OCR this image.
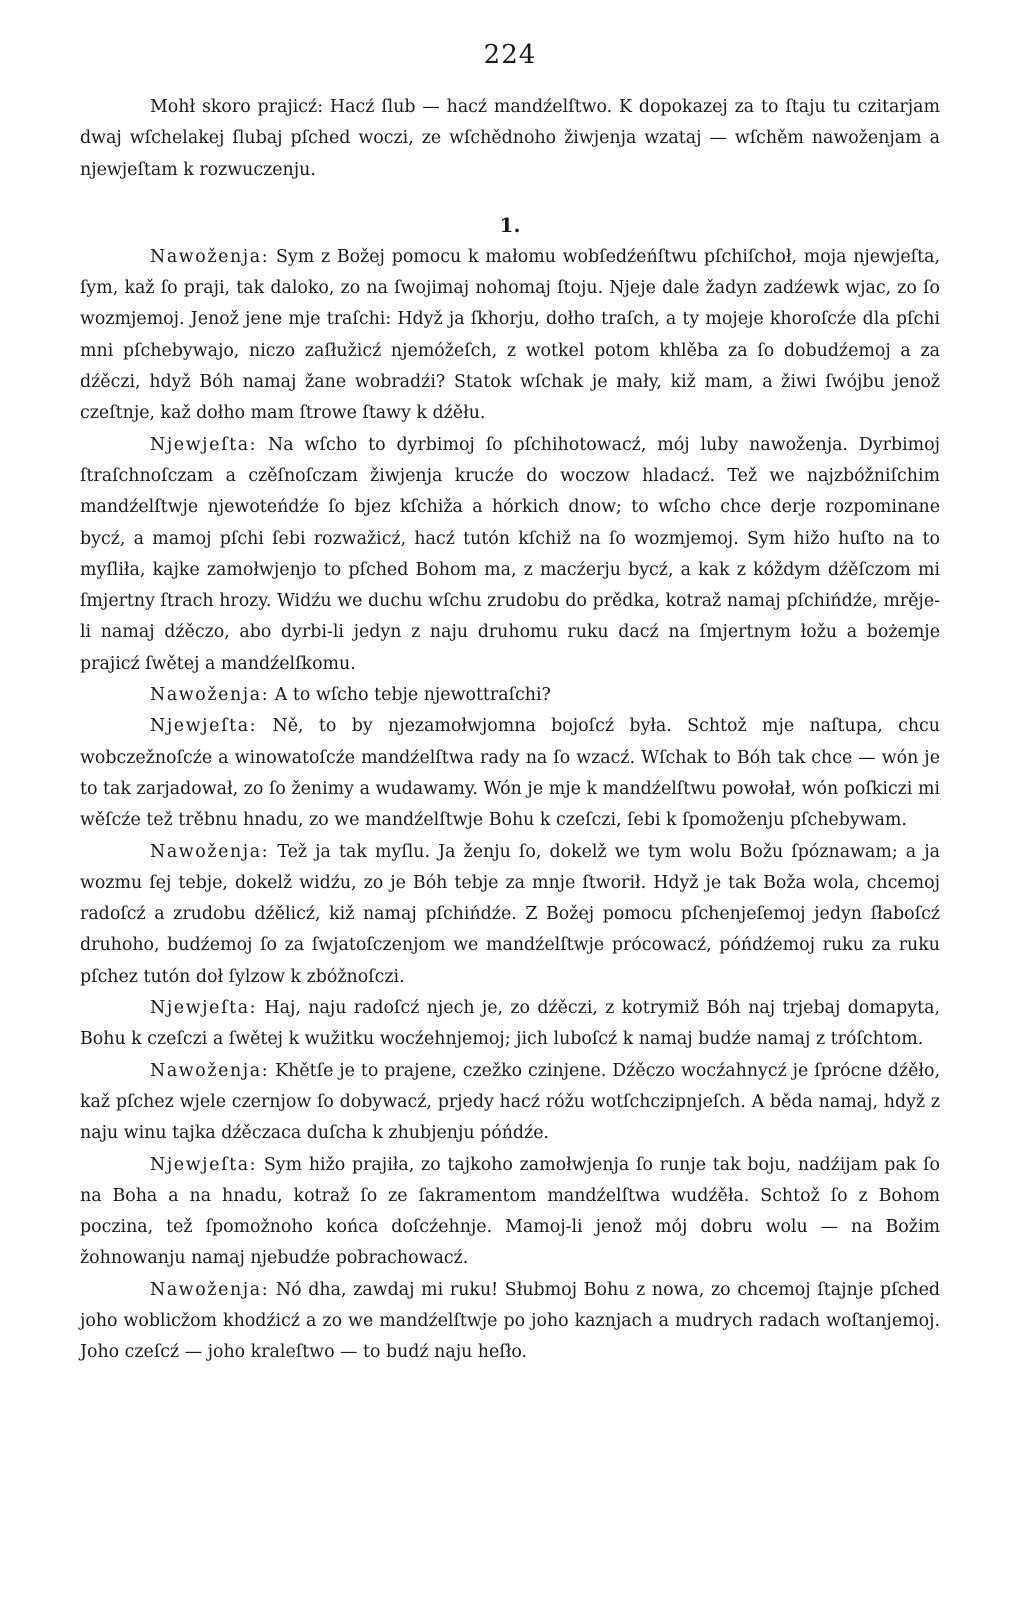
224

Mohł skoro prajicź: Hacź ſlub — hacź mandźelſtwo. K dopokazej za to ſtaju tu czitarjam dwaj wſchelakej ſlubaj pſched woczi, ze wſchědnoho žiwjenja wzataj — wſchěm nawoženjam a njewjeſtam k rozwuczenju.

1.

Nawoženja: Sym z Božej pomocu k małomu wobſedźeńſtwu pſchiſchoł, moja njewjeſta, ſym, kaž ſo praji, tak daloko, zo na ſwojimaj nohomaj ſtoju. Njeje dale žadyn zadźewk wjac, zo ſo wozmjemoj. Jenož jene mje traſchi: Hdyž ja ſkhorju, dołho traſch, a ty mojeje khoroſcźe dla pſchi mni pſchebywajo, niczo zaſłužicź njemóžeſch, z wotkel potom khlěba za ſo dobudźemoj a za dźěczi, hdyž Bóh namaj žane wobradźi? Statok wſchak je mały, kiž mam, a žiwi ſwójbu jenož czeſtnje, kaž dołho mam ſtrowe ſtawy k dźěłu.

Njewjeſta: Na wſcho to dyrbimoj ſo pſchihotowacź, mój luby nawoženja. Dyrbimoj ſtraſchnoſczam a czěſnoſczam žiwjenja krucźe do woczow hladacź. Tež we najzbóžniſchim mandźelſtwje njewoteńdźe ſo bjez kſchiža a hórkich dnow; to wſcho chce derje rozpominane bycź, a mamoj pſchi ſebi rozwažicź, hacź tutón kſchiž na ſo wozmjemoj. Sym hižo huſto na to myſliła, kajke zamołwjenjo to pſched Bohom ma, z macźerju bycź, a kak z kóždym dźěſczom mi ſmjertny ſtrach hrozy. Widźu we duchu wſchu zrudobu do prědka, kotraž namaj pſchińdźe, mrěje-li namaj dźěczo, abo dyrbi-li jedyn z naju druhomu ruku dacź na ſmjertnym łožu a bożemje prajicź ſwětej a mandźelſkomu.

Nawoženja: A to wſcho tebje njewottraſchi?

Njewjeſta: Ně, to by njezamołwjomna bojoſcź była. Schtož mje naſtupa, chcu wobczežnoſcźe a winowatoſcźe mandźelſtwa rady na ſo wzacź. Wſchak to Bóh tak chce — wón je to tak zarjadował, zo ſo ženimy a wudawamy. Wón je mje k mandźelſtwu powołał, wón poſkiczi mi wěſcźe tež trěbnu hnadu, zo we mandźelſtwje Bohu k czeſczi, ſebi k ſpomoženju pſchebywam.

Nawoženja: Tež ja tak myſlu. Ja ženju ſo, dokelž we tym wolu Božu ſpóznawam; a ja wozmu ſej tebje, dokelž widźu, zo je Bóh tebje za mnje ſtworił. Hdyž je tak Boža wola, chcemoj radoſcź a zrudobu dźělicź, kiž namaj pſchińdźe. Z Božej pomocu pſchenjeſemoj jedyn ſłaboſcź druhoho, budźemoj ſo za ſwjatoſczenjom we mandźelſtwje prócowacź, póńdźemoj ruku za ruku pſchez tutón doł ſylzow k zbóžnoſczi.

Njewjeſta: Haj, naju radoſcź njech je, zo dźěczi, z kotrymiž Bóh naj trjebaj domapyta, Bohu k czeſczi a ſwětej k wužitku wocźehnjemoj; jich luboſcź k namaj budźe namaj z tróſchtom.

Nawoženja: Khětſe je to prajene, czežko czinjene. Dźěczo wocźahnycź je ſprócne dźěło, kaž pſchez wjele czernjow ſo dobywacź, prjedy hacź róžu wotſchczipnjeſch. A běda namaj, hdyž z naju winu tajka dźěczaca duſcha k zhubjenju póńdźe.

Njewjeſta: Sym hižo prajiła, zo tajkoho zamołwjenja ſo runje tak boju, nadźijam pak ſo na Boha a na hnadu, kotraž ſo ze ſakramentom mandźelſtwa wudźěła. Schtož ſo z Bohom poczina, tež ſpomožnoho końca doſcźehnje. Mamoj-li jenož mój dobru wolu — na Božim žohnowanju namaj njebudźe pobrachowacź.

Nawoženja: Nó dha, zawdaj mi ruku! Słubmoj Bohu z nowa, zo chcemoj ſtajnje pſched joho woblicžom khodźicź a zo we mandźelſtwje po joho kaznjach a mudrych radach woſtanjemoj. Joho czeſcź — joho kraleſtwo — to budź naju heſło.
